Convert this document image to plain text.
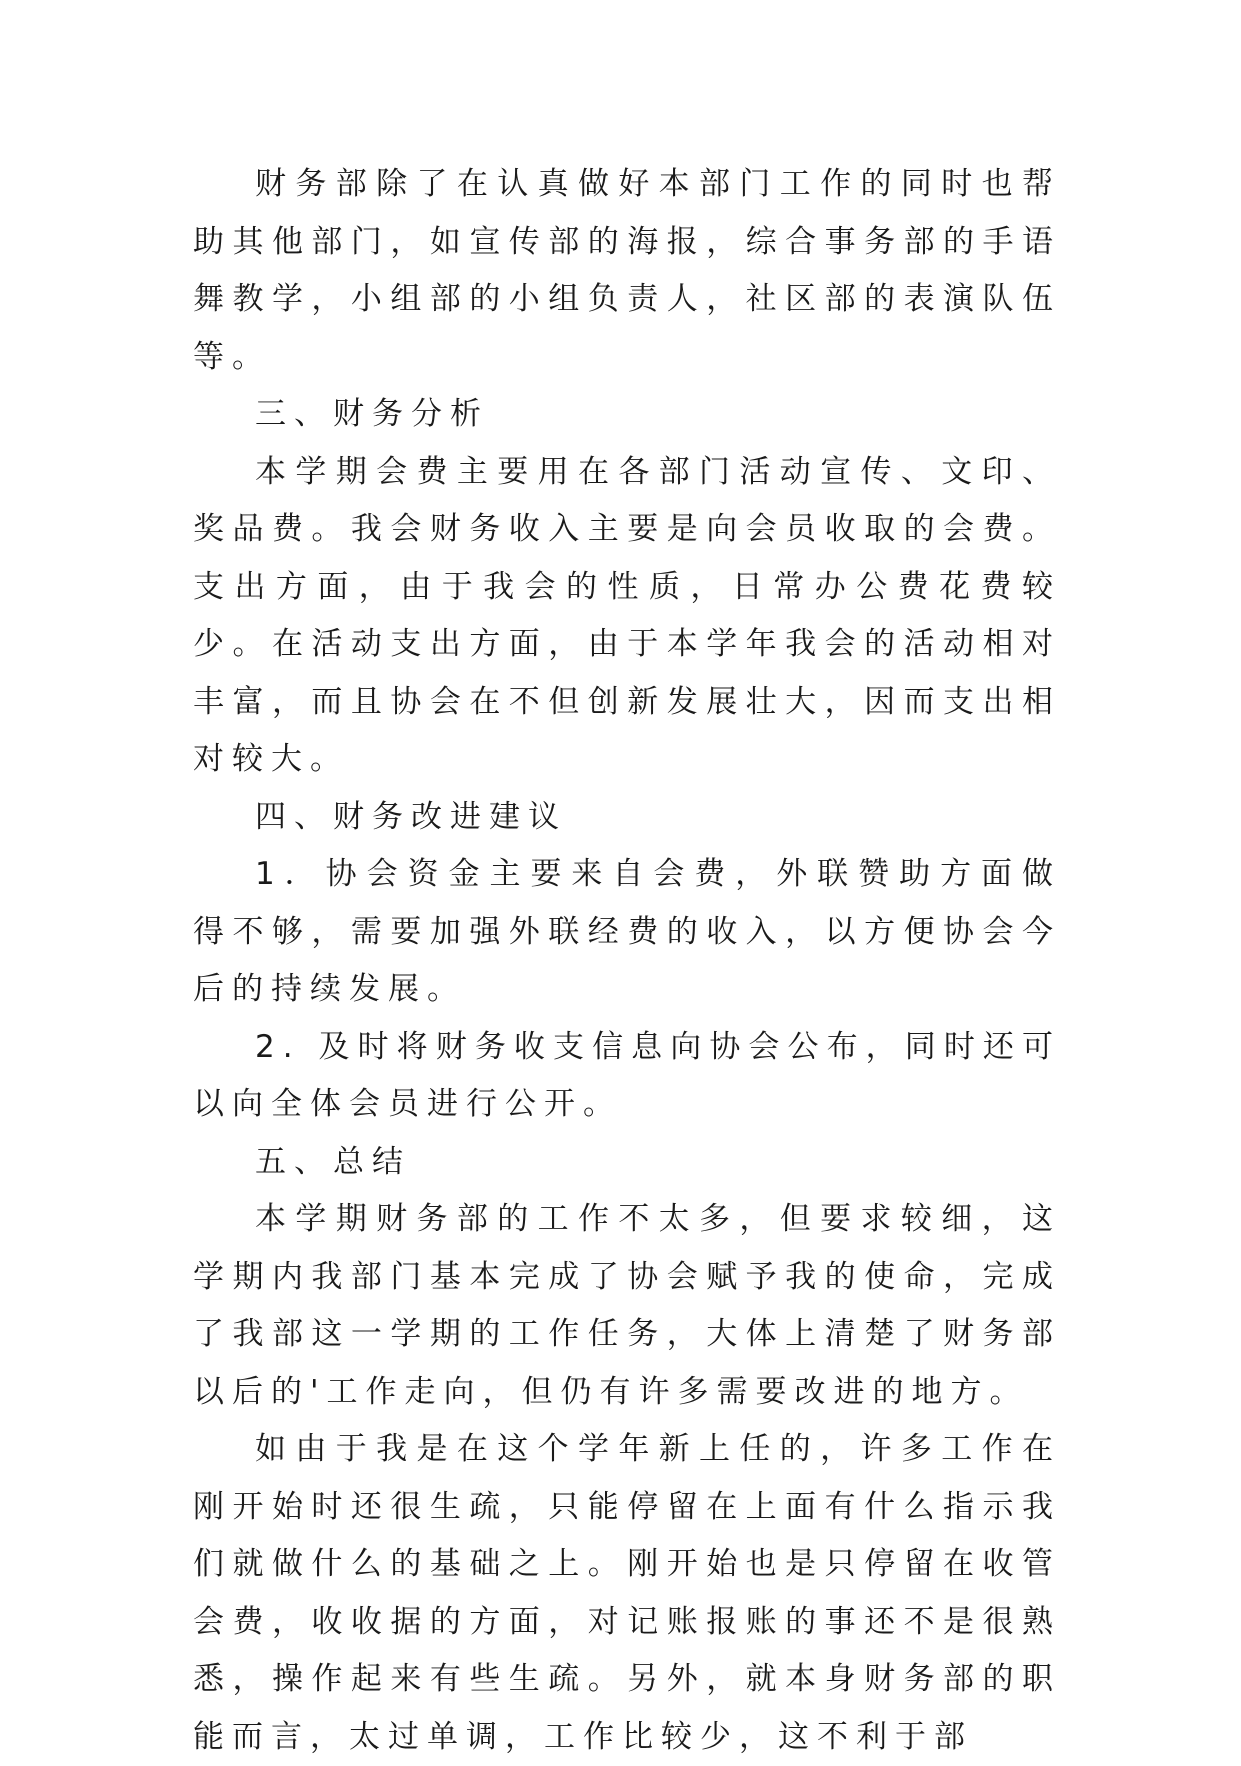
财务部除了在认真做好本部门工作的同时也帮助其他部门，如宣传部的海报，综合事务部的手语舞教学，小组部的小组负责人，社区部的表演队伍等。

三、财务分析

本学期会费主要用在各部门活动宣传、文印、奖品费。我会财务收入主要是向会员收取的会费。支出方面，由于我会的性质，日常办公费花费较少。在活动支出方面，由于本学年我会的活动相对丰富，而且协会在不但创新发展壮大，因而支出相对较大。

四、财务改进建议

1．协会资金主要来自会费，外联赞助方面做得不够，需要加强外联经费的收入，以方便协会今后的持续发展。

2. 及时将财务收支信息向协会公布，同时还可以向全体会员进行公开。

五、总结

本学期财务部的工作不太多，但要求较细，这学期内我部门基本完成了协会赋予我的使命，完成了我部这一学期的工作任务，大体上清楚了财务部以后的'工作走向，但仍有许多需要改进的地方。

如由于我是在这个学年新上任的，许多工作在刚开始时还很生疏，只能停留在上面有什么指示我们就做什么的基础之上。刚开始也是只停留在收管会费，收收据的方面，对记账报账的事还不是很熟悉，操作起来有些生疏。另外，就本身财务部的职能而言，太过单调，工作比较少，这不利于部
